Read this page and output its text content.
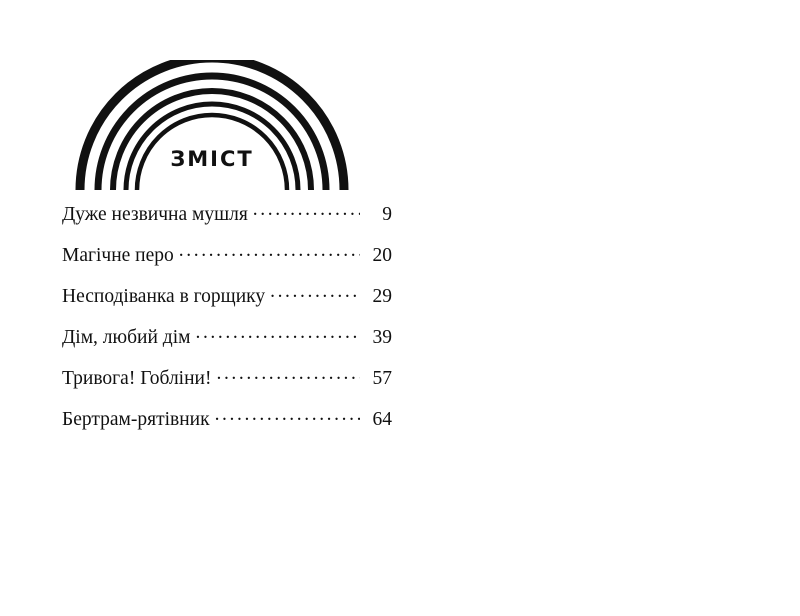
ЗМІСТ
Дуже незвична мушля .....	9
Магічне перо .....	20
Несподіванка в горщику .....	29
Дім, любий дім .....	39
Тривога! Гобліни! .....	57
Бертрам-рятівник .....	64
